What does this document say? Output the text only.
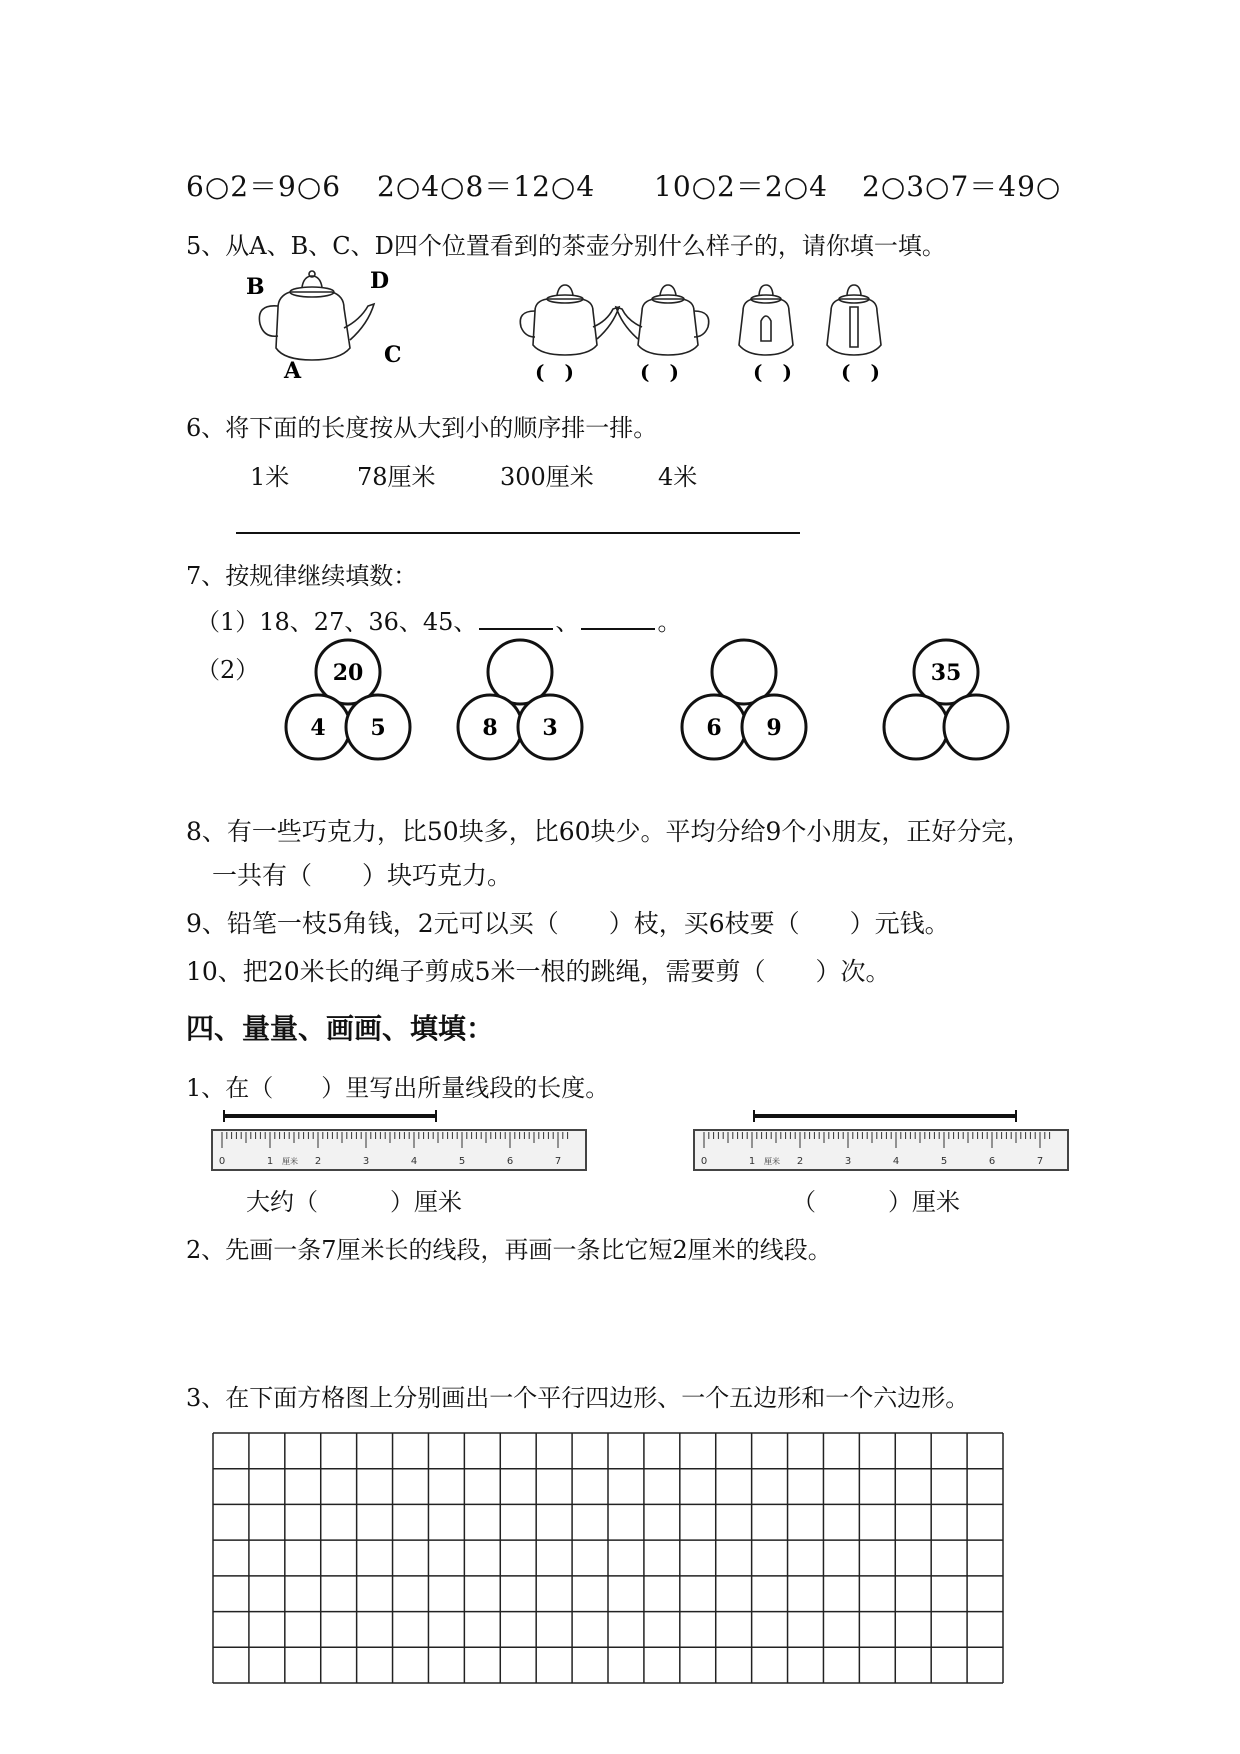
6○2＝9○6 2○4○8＝12○4 10○2＝2○4 2○3○7＝49○
5、从A、B、C、D四个位置看到的茶壶分别什么样子的，请你填一填。
B	D
A
C
(　)	(　)	(　) (　)
6、将下面的长度按从大到小的顺序排一排。
1米	78厘米	300厘米	4米
7、按规律继续填数：
（1）18、27、36、45、	、	。
（2）	20
4 5	8 3	6 9
35
8、有一些巧克力，比50块多，比60块少。平均分给9个小朋友，正好分完，
一共有（　　）块巧克力。
9、铅笔一枝5角钱，2元可以买（　　）枝，买6枝要（　　）元钱。
10、把20米长的绳子剪成5米一根的跳绳，需要剪（　　）次。
四、量量、画画、填填：
1、在（　　）里写出所量线段的长度。
0	1	2	3	4	5	6	7
厘米	0	1	2	3	4	5	6	7
厘米
大约（　　　）厘米	（　　　）厘米
2、先画一条7厘米长的线段，再画一条比它短2厘米的线段。
3、在下面方格图上分别画出一个平行四边形、一个五边形和一个六边形。
